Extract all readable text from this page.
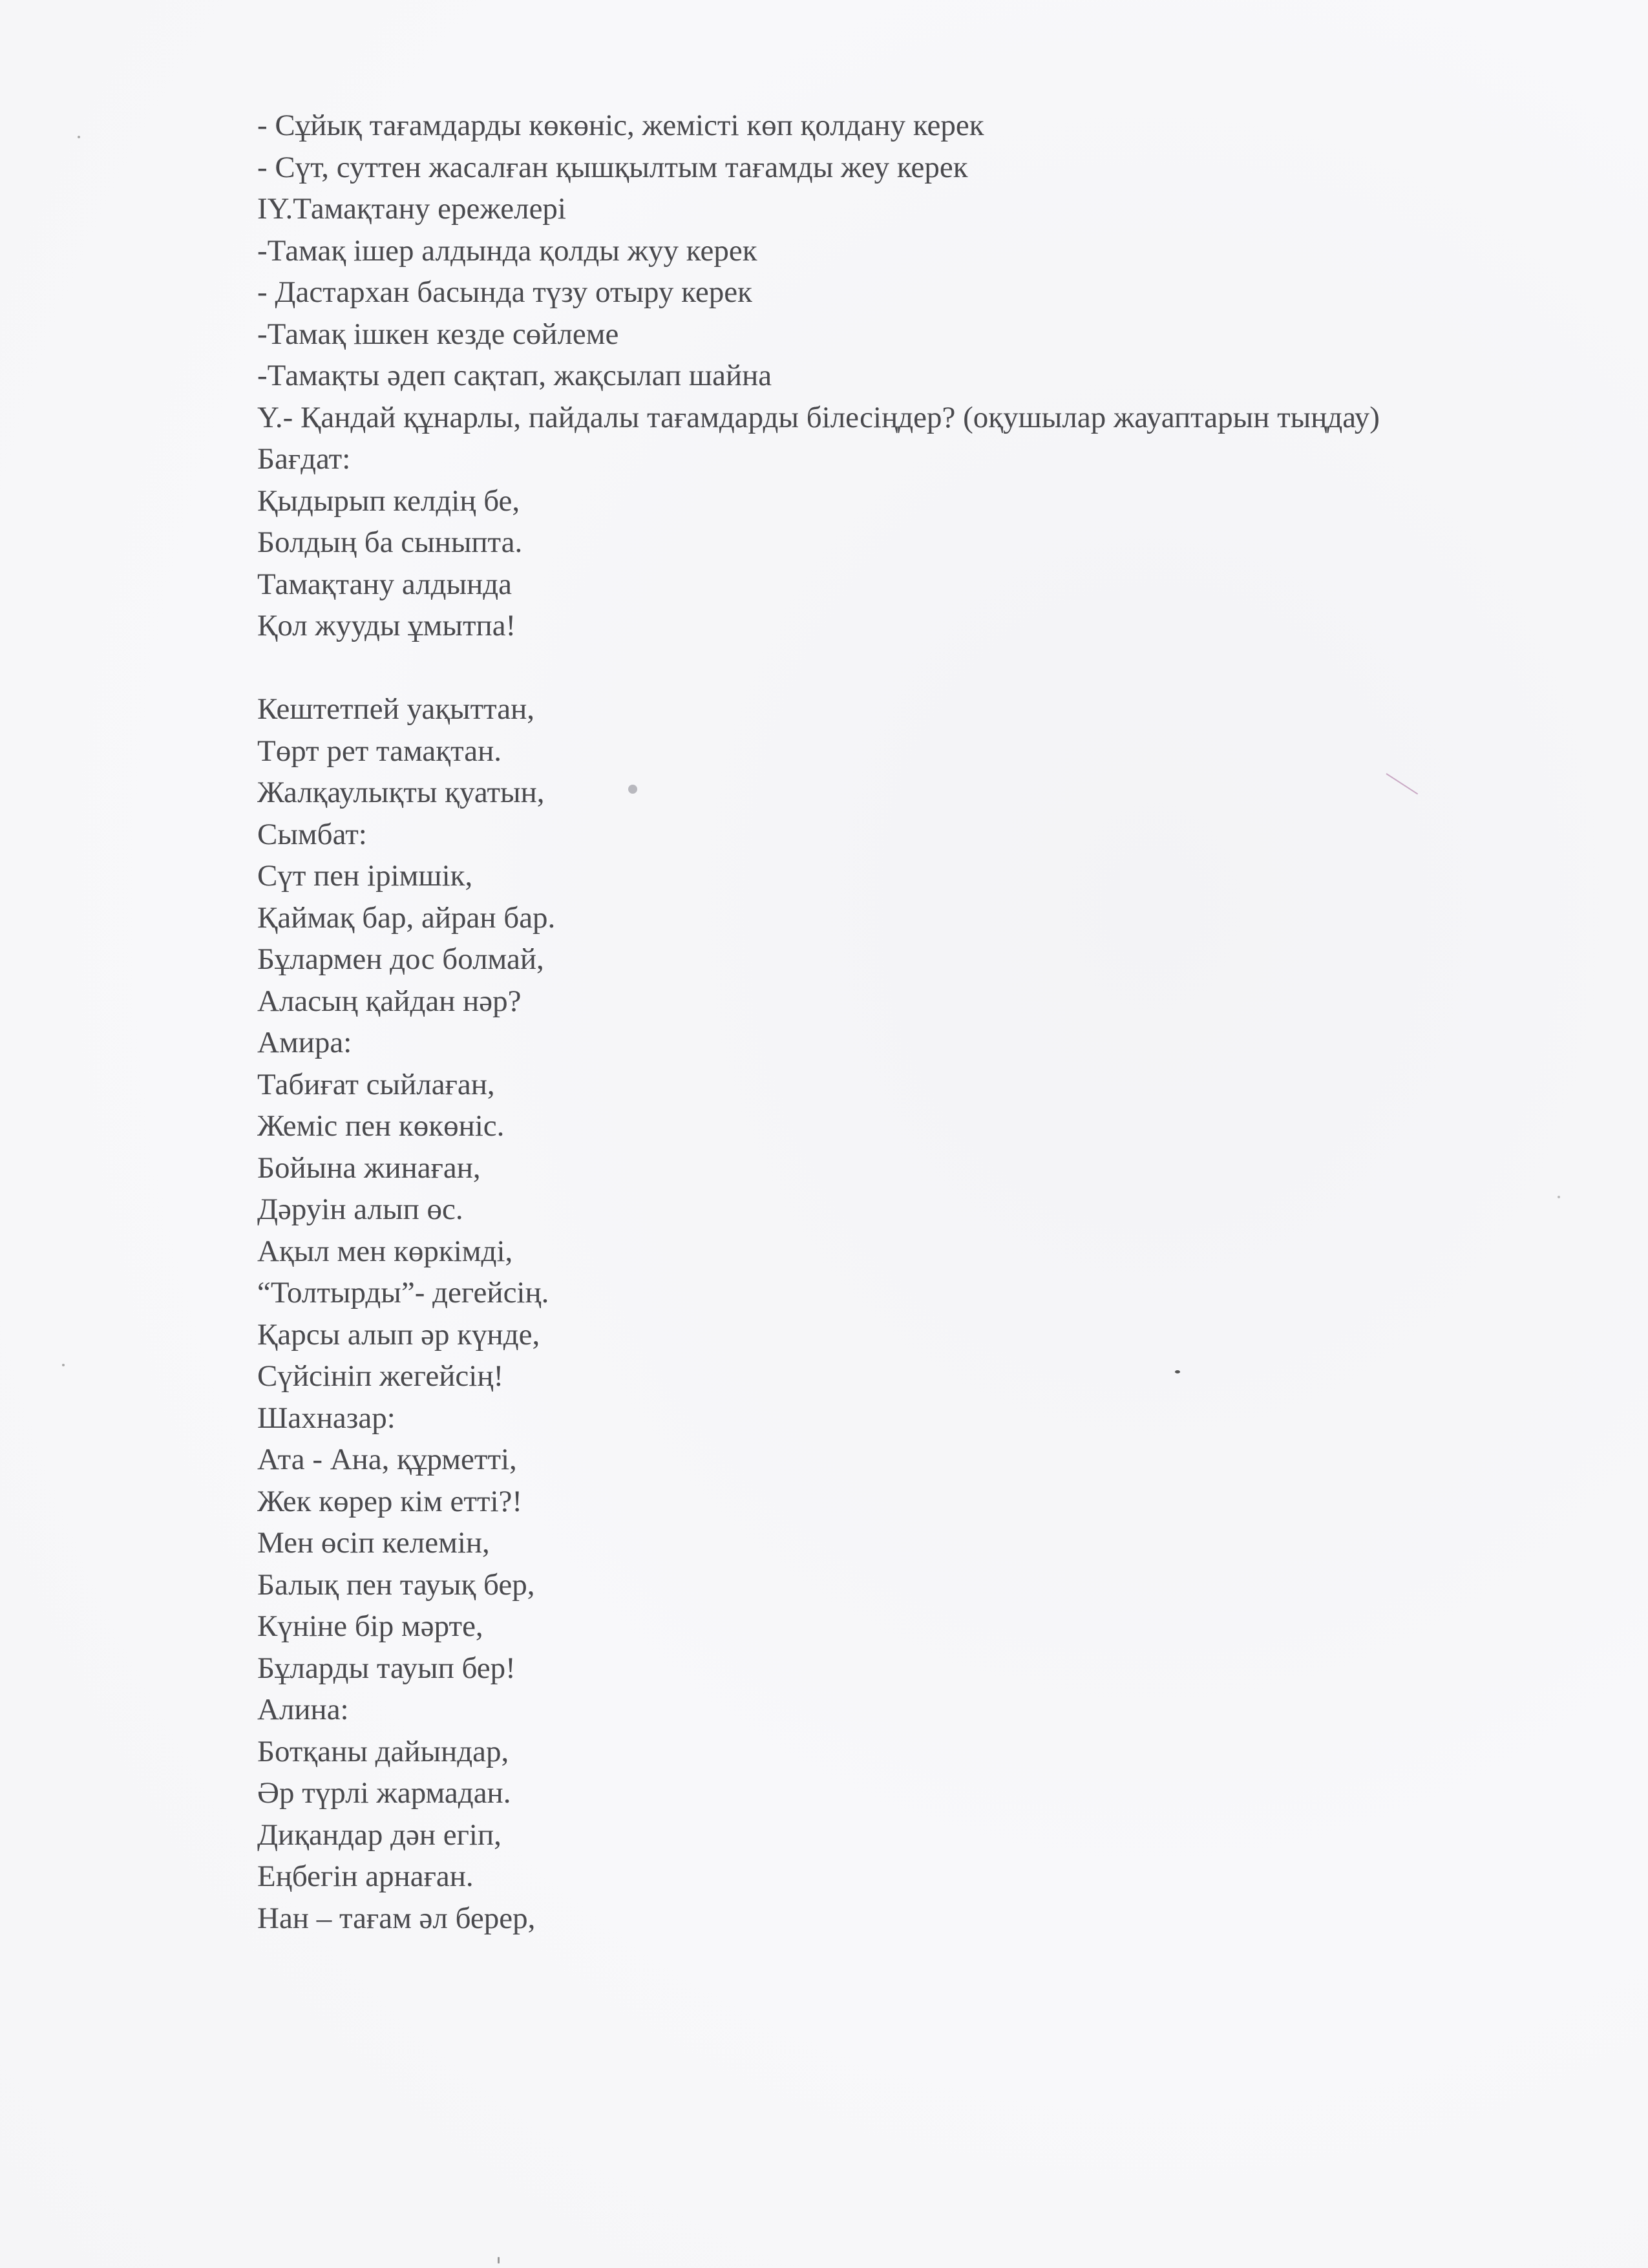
- Сұйық тағамдарды көкөніс, жемісті көп қолдану керек
- Сүт, суттен жасалған қышқылтым тағамды жеу керек
ІY.Тамақтану ережелері
-Тамақ ішер алдында қолды жуу керек
- Дастархан басында түзу отыру керек
-Тамақ ішкен кезде сөйлеме
-Тамақты әдеп сақтап, жақсылап шайна
Y.- Қандай құнарлы, пайдалы тағамдарды білесіңдер? (оқушылар жауаптарын тыңдау)
Бағдат:
Қыдырып келдің бе,
Болдың ба сыныпта.
Тамақтану алдында
Қол жууды ұмытпа!
Кештетпей уақыттан,
Төрт рет тамақтан.
Жалқаулықты қуатын,
Сымбат:
Сүт пен ірімшік,
Қаймақ бар, айран бар.
Бұлармен дос болмай,
Аласың қайдан нәр?
Амира:
Табиғат сыйлаған,
Жеміс пен көкөніс.
Бойына жинаған,
Дәруін алып өс.
Ақыл мен көркімді,
“Толтырды”- дегейсің.
Қарсы алып әр күнде,
Сүйсініп жегейсің!
Шахназар:
Ата - Ана, құрметті,
Жек көрер кім етті?!
Мен өсіп келемін,
Балық пен тауық бер,
Күніне бір мәрте,
Бұларды тауып бер!
Алина:
Ботқаны дайындар,
Әр түрлі жармадан.
Диқандар дән егіп,
Еңбегін арнаған.
Нан – тағам әл берер,
